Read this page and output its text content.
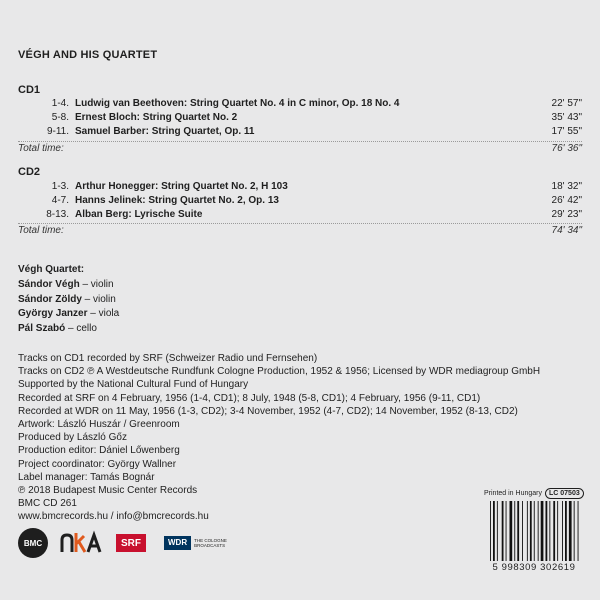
VÉGH AND HIS QUARTET
CD1
1-4. Ludwig van Beethoven: String Quartet No. 4 in C minor, Op. 18 No. 4	22' 57"
5-8. Ernest Bloch: String Quartet No. 2	35' 43"
9-11. Samuel Barber: String Quartet, Op. 11	17' 55"
Total time:	76' 36"
CD2
1-3. Arthur Honegger: String Quartet No. 2, H 103	18' 32"
4-7. Hanns Jelinek: String Quartet No. 2, Op. 13	26' 42"
8-13. Alban Berg: Lyrische Suite	29' 23"
Total time:	74' 34"
Végh Quartet:
Sándor Végh – violin
Sándor Zöldy – violin
György Janzer – viola
Pál Szabó – cello
Tracks on CD1 recorded by SRF (Schweizer Radio und Fernsehen)
Tracks on CD2 ℗ A Westdeutsche Rundfunk Cologne Production, 1952 & 1956; Licensed by WDR mediagroup GmbH
Supported by the National Cultural Fund of Hungary
Recorded at SRF on 4 February, 1956 (1-4, CD1); 8 July, 1948 (5-8, CD1); 4 February, 1956 (9-11, CD1)
Recorded at WDR on 11 May, 1956 (1-3, CD2); 3-4 November, 1952 (4-7, CD2); 14 November, 1952 (8-13, CD2)
Artwork: László Huszár / Greenroom
Produced by László Gőz
Production editor: Dániel Lőwenberg
Project coordinator: György Wallner
Label manager: Tamás Bognár
℗ 2018 Budapest Music Center Records
BMC CD 261
www.bmcrecords.hu / info@bmcrecords.hu
Printed in Hungary	LC 07503
BMC	SRF	WDR	THE COLOGNE BROADCASTS
5 998309 302619
